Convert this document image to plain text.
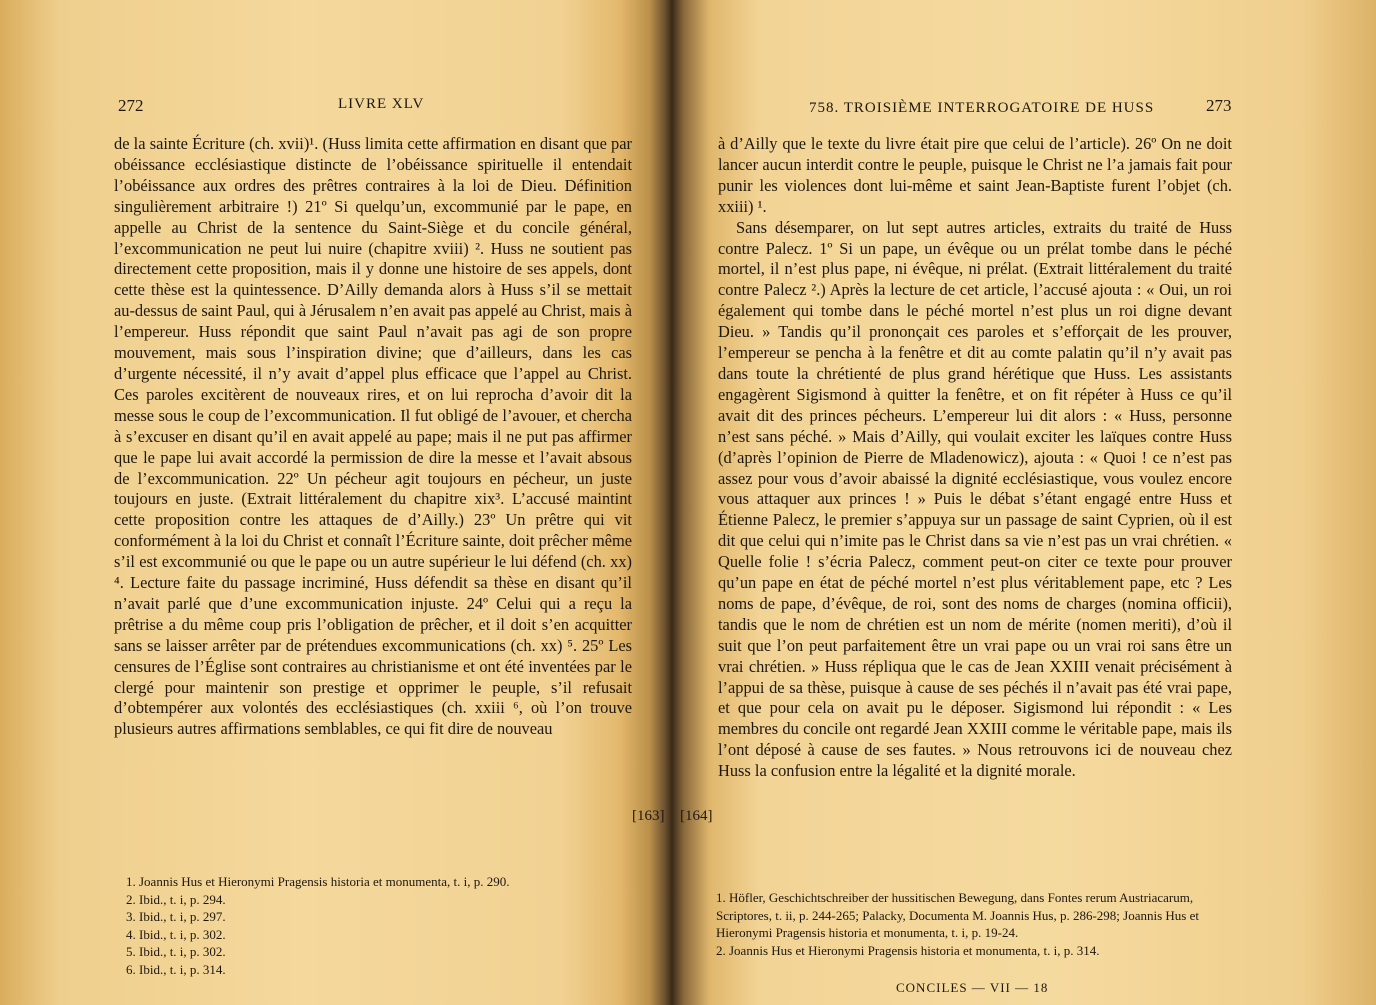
272	LIVRE XLV

de la sainte Écriture (ch. xvii)¹. (Huss limita cette affirmation en disant que par obéissance ecclésiastique distincte de l’obéissance spirituelle il entendait l’obéissance aux ordres des prêtres contraires à la loi de Dieu. Définition singulièrement arbitraire !) 21º Si quelqu’un, excommunié par le pape, en appelle au Christ de la sentence du Saint-Siège et du concile général, l’excommunication ne peut lui nuire (chapitre xviii) ². Huss ne soutient pas directement cette proposition, mais il y donne une histoire de ses appels, dont cette thèse est la quintessence. D’Ailly demanda alors à Huss s’il se mettait au-dessus de saint Paul, qui à Jérusalem n’en avait pas appelé au Christ, mais à l’empereur. Huss répondit que saint Paul n’avait pas agi de son propre mouvement, mais sous l’inspiration divine; que d’ailleurs, dans les cas d’urgente nécessité, il n’y avait d’appel plus efficace que l’appel au Christ. Ces paroles excitèrent de nouveaux rires, et on lui reprocha d’avoir dit la messe sous le coup de l’excommunication. Il fut obligé de l’avouer, et chercha à s’excuser en disant qu’il en avait appelé au pape; mais il ne put pas affirmer que le pape lui avait accordé la permission de dire la messe et l’avait absous de l’excommunication. 22º Un pécheur agit toujours en pécheur, un juste toujours en juste. (Extrait littéralement du chapitre xix³. L’accusé maintint cette proposition contre les attaques de d’Ailly.) 23º Un prêtre qui vit conformément à la loi du Christ et connaît l’Écriture sainte, doit prêcher même s’il est excommunié ou que le pape ou un autre supérieur le lui défend (ch. xx) ⁴. Lecture faite du passage incriminé, Huss défendit sa thèse en disant qu’il n’avait parlé que d’une excommunication injuste. 24º Celui qui a reçu la prêtrise a du même coup pris l’obligation de prêcher, et il doit s’en acquitter sans se laisser arrêter par de prétendues excommunications (ch. xx) ⁵. 25º Les censures de l’Église sont contraires au christianisme et ont été inventées par le clergé pour maintenir son prestige et opprimer le peuple, s’il refusait d’obtempérer aux volontés des ecclésiastiques (ch. xxiii ⁶, où l’on trouve plusieurs autres affirmations semblables, ce qui fit dire de nouveau

[163]
1. Joannis Hus et Hieronymi Pragensis historia et monumenta, t. i, p. 290.
2. Ibid., t. i, p. 294.
3. Ibid., t. i, p. 297.
4. Ibid., t. i, p. 302.
5. Ibid., t. i, p. 302.
6. Ibid., t. i, p. 314.
758. TROISIÈME INTERROGATOIRE DE HUSS	273
[164]

à d’Ailly que le texte du livre était pire que celui de l’article). 26º On ne doit lancer aucun interdit contre le peuple, puisque le Christ ne l’a jamais fait pour punir les violences dont lui-même et saint Jean-Baptiste furent l’objet (ch. xxiii) ¹.

Sans désemparer, on lut sept autres articles, extraits du traité de Huss contre Palecz. 1º Si un pape, un évêque ou un prélat tombe dans le péché mortel, il n’est plus pape, ni évêque, ni prélat. (Extrait littéralement du traité contre Palecz ².) Après la lecture de cet article, l’accusé ajouta : « Oui, un roi également qui tombe dans le péché mortel n’est plus un roi digne devant Dieu. » Tandis qu’il prononçait ces paroles et s’efforçait de les prouver, l’empereur se pencha à la fenêtre et dit au comte palatin qu’il n’y avait pas dans toute la chrétienté de plus grand hérétique que Huss. Les assistants engagèrent Sigismond à quitter la fenêtre, et on fit répéter à Huss ce qu’il avait dit des princes pécheurs. L’empereur lui dit alors : « Huss, personne n’est sans péché. » Mais d’Ailly, qui voulait exciter les laïques contre Huss (d’après l’opinion de Pierre de Mladenowicz), ajouta : « Quoi ! ce n’est pas assez pour vous d’avoir abaissé la dignité ecclésiastique, vous voulez encore vous attaquer aux princes ! » Puis le débat s’étant engagé entre Huss et Étienne Palecz, le premier s’appuya sur un passage de saint Cyprien, où il est dit que celui qui n’imite pas le Christ dans sa vie n’est pas un vrai chrétien. « Quelle folie ! s’écria Palecz, comment peut-on citer ce texte pour prouver qu’un pape en état de péché mortel n’est plus véritablement pape, etc ? Les noms de pape, d’évêque, de roi, sont des noms de charges (nomina officii), tandis que le nom de chrétien est un nom de mérite (nomen meriti), d’où il suit que l’on peut parfaitement être un vrai pape ou un vrai roi sans être un vrai chrétien. » Huss répliqua que le cas de Jean XXIII venait précisément à l’appui de sa thèse, puisque à cause de ses péchés il n’avait pas été vrai pape, et que pour cela on avait pu le déposer. Sigismond lui répondit : « Les membres du concile ont regardé Jean XXIII comme le véritable pape, mais ils l’ont déposé à cause de ses fautes. » Nous retrouvons ici de nouveau chez Huss la confusion entre la légalité et la dignité morale.

1. Höfler, Geschichtschreiber der hussitischen Bewegung, dans Fontes rerum Austriacarum, Scriptores, t. ii, p. 244-265; Palacky, Documenta M. Joannis Hus, p. 286-298; Joannis Hus et Hieronymi Pragensis historia et monumenta, t. i, p. 19-24.
2. Joannis Hus et Hieronymi Pragensis historia et monumenta, t. i, p. 314.
CONCILES — VII — 18
